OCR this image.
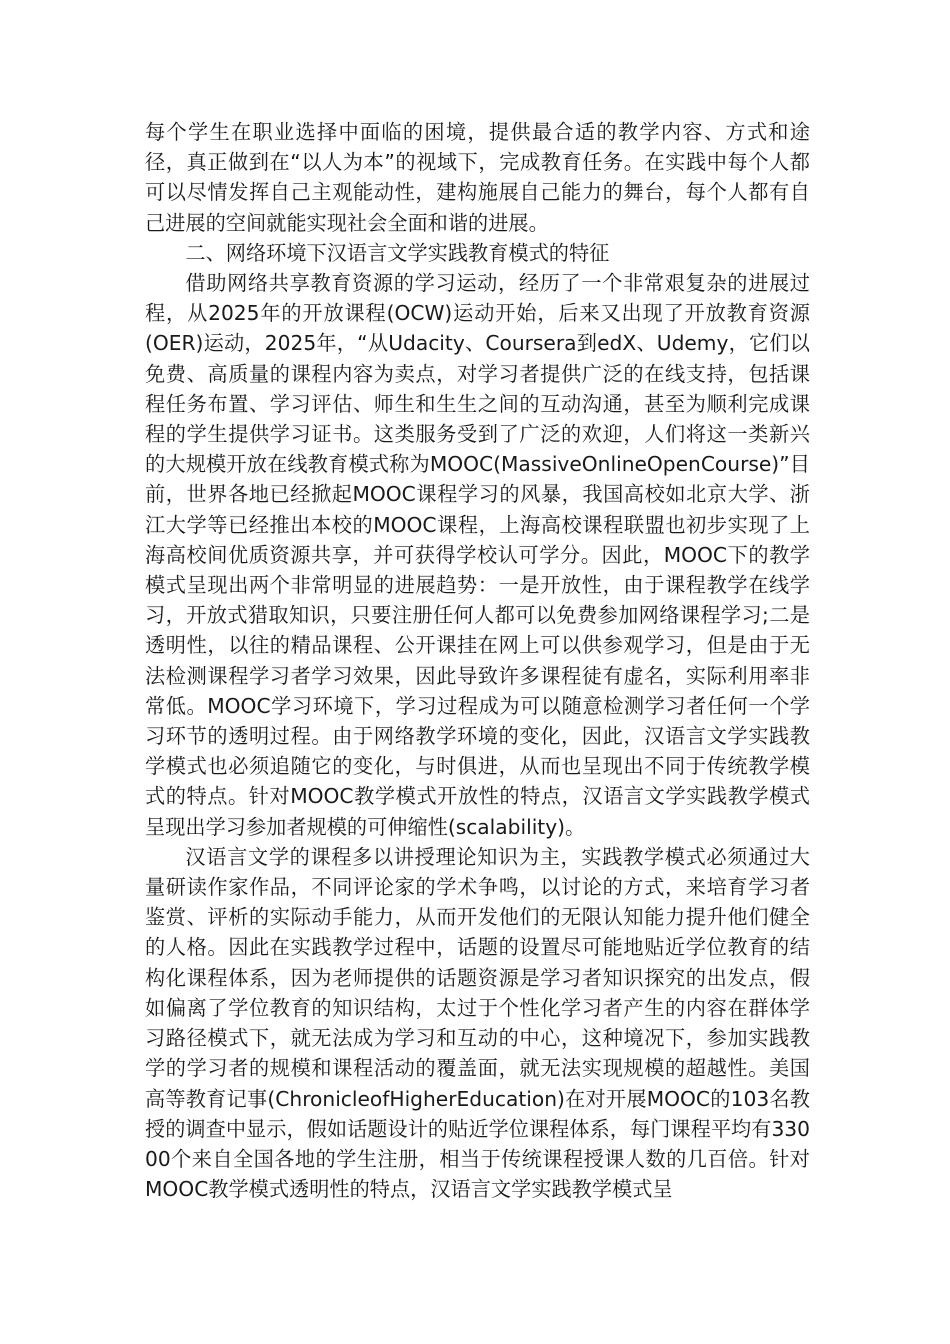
每个学生在职业选择中面临的困境，提供最合适的教学内容、方式和途径，真正做到在“以人为本”的视域下，完成教育任务。在实践中每个人都可以尽情发挥自己主观能动性，建构施展自己能力的舞台，每个人都有自己进展的空间就能实现社会全面和谐的进展。

二、网络环境下汉语言文学实践教育模式的特征

借助网络共享教育资源的学习运动，经历了一个非常艰复杂的进展过程，从2025年的开放课程(OCW)运动开始，后来又出现了开放教育资源(OER)运动，2025年，“从Udacity、Coursera到edX、Udemy，它们以免费、高质量的课程内容为卖点，对学习者提供广泛的在线支持，包括课程任务布置、学习评估、师生和生生之间的互动沟通，甚至为顺利完成课程的学生提供学习证书。这类服务受到了广泛的欢迎，人们将这一类新兴的大规模开放在线教育模式称为MOOC(MassiveOnlineOpenCourse)”目前，世界各地已经掀起MOOC课程学习的风暴，我国高校如北京大学、浙江大学等已经推出本校的MOOC课程，上海高校课程联盟也初步实现了上海高校间优质资源共享，并可获得学校认可学分。因此，MOOC下的教学模式呈现出两个非常明显的进展趋势：一是开放性，由于课程教学在线学习，开放式猎取知识，只要注册任何人都可以免费参加网络课程学习;二是透明性，以往的精品课程、公开课挂在网上可以供参观学习，但是由于无法检测课程学习者学习效果，因此导致许多课程徒有虚名，实际利用率非常低。MOOC学习环境下，学习过程成为可以随意检测学习者任何一个学习环节的透明过程。由于网络教学环境的变化，因此，汉语言文学实践教学模式也必须追随它的变化，与时俱进，从而也呈现出不同于传统教学模式的特点。针对MOOC教学模式开放性的特点，汉语言文学实践教学模式呈现出学习参加者规模的可伸缩性(scalability)。

汉语言文学的课程多以讲授理论知识为主，实践教学模式必须通过大量研读作家作品，不同评论家的学术争鸣，以讨论的方式，来培育学习者鉴赏、评析的实际动手能力，从而开发他们的无限认知能力提升他们健全的人格。因此在实践教学过程中，话题的设置尽可能地贴近学位教育的结构化课程体系，因为老师提供的话题资源是学习者知识探究的出发点，假如偏离了学位教育的知识结构，太过于个性化学习者产生的内容在群体学习路径模式下，就无法成为学习和互动的中心，这种境况下，参加实践教学的学习者的规模和课程活动的覆盖面，就无法实现规模的超越性。美国高等教育记事(ChronicleofHigherEducation)在对开展MOOC的103名教授的调查中显示，假如话题设计的贴近学位课程体系，每门课程平均有33000个来自全国各地的学生注册，相当于传统课程授课人数的几百倍。针对MOOC教学模式透明性的特点，汉语言文学实践教学模式呈
